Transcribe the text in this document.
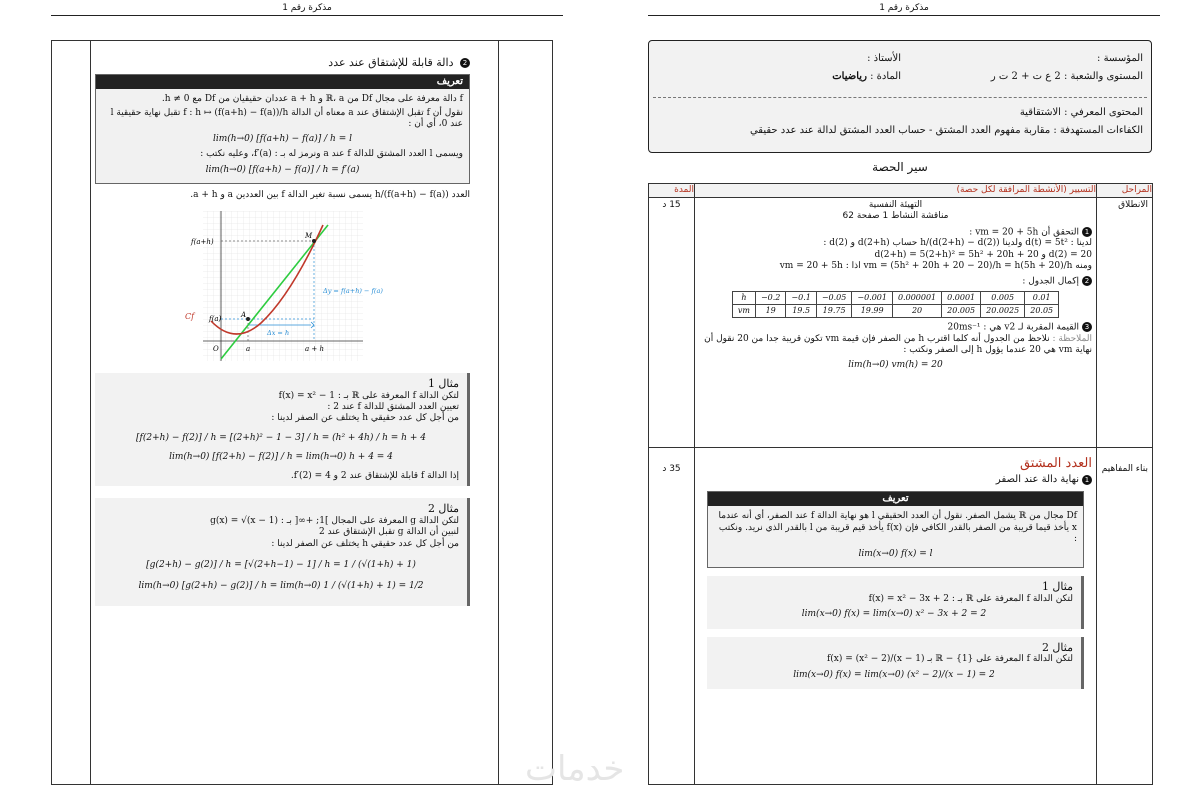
مذكرة رقم 1
2 دالة قابلة للإشتقاق عند عدد
تعريف

f دالة معرفة على مجال Df من ℝ، a و a + h عددان حقيقيان من Df مع h ≠ 0.

نقول أن f تقبل الإشتقاق عند a معناه أن الدالة f : h ↦ (f(a+h) − f(a))/h تقبل نهاية حقيقية l عند 0، أي أن :

lim(h→0) [f(a+h) − f(a)] / h = l

ويسمى l العدد المشتق للدالة f عند a ونرمز له بـ : f′(a)، وعليه نكتب :

lim(h→0) [f(a+h) − f(a)] / h = f′(a)

العدد (f(a+h) − f(a))/h يسمى نسبة تغير الدالة f بين العددين a و a + h.

f(a+h)
f(a)
Cf
M
A
O	a	a + h
Δy = f(a+h) − f(a)
Δx = h
مثال 1

لتكن الدالة f المعرفة على ℝ بـ : f(x) = x² − 1

تعيين العدد المشتق للدالة f عند 2 :

من أجل كل عدد حقيقي h يختلف عن الصفر لدينا :

[f(2+h) − f(2)] / h = [(2+h)² − 1 − 3] / h = (h² + 4h) / h = h + 4
lim(h→0) [f(2+h) − f(2)] / h = lim(h→0) h + 4 = 4

إذا الدالة f قابلة للإشتقاق عند 2 و f′(2) = 4.

مثال 2

لتكن الدالة g المعرفة على المجال ]1; +∞[ بـ : g(x) = √(x − 1)

لنبين أن الدالة g تقبل الإشتقاق عند 2

من أجل كل عدد حقيقي h يختلف عن الصفر لدينا :

[g(2+h) − g(2)] / h = [√(2+h−1) − 1] / h = 1 / (√(1+h) + 1)
lim(h→0) [g(2+h) − g(2)] / h = lim(h→0) 1 / (√(1+h) + 1) = 1/2
مذكرة رقم 1
المؤسسة :
الأستاذ :
المستوى والشعبة : 2 ع ت + 2 ت ر
المادة : رياضيات
المحتوى المعرفي : الاشتقاقية
الكفاءات المستهدفة : مقاربة مفهوم العدد المشتق - حساب العدد المشتق لدالة عند عدد حقيقي
سير الحصة
المراحل	التسيير (الأنشطة المرافقة لكل حصة)	المدة
الانطلاق	
التهيئة النفسية
مناقشة النشاط 1 صفحة 62

1التحقق أن vm = 20 + 5h :

لدينا : d(t) = 5t² ولدينا (d(2+h) − d(2))/h حساب d(2+h) و d(2) :

d(2) = 20 و d(2+h) = 5(2+h)² = 5h² + 20h + 20

ومنه vm = (5h² + 20h + 20 − 20)/h = h(5h + 20)/h اذا : vm = 20 + 5h

2إكمال الجدول :

h	−0.2	−0.1	−0.05	−0.001	0.000001	0.0001	0.005	0.01
vm	19	19.5	19.75	19.99	20	20.005	20.0025	20.05

3القيمة المقربة لـ v2 هي : 20ms⁻¹

الملاحظة : نلاحظ من الجدول أنه كلما اقترب h من الصفر فإن قيمة vm تكون قريبة جدا من 20 نقول أن نهاية vm هي 20 عندما يؤول h إلى الصفر ونكتب :

lim(h→0) vm(h) = 20
	15 د

بناء المفاهيم

العدد المشتق

1نهاية دالة عند الصفر

تعريف

Df مجال من ℝ يشمل الصفر. نقول أن العدد الحقيقي l هو نهاية الدالة f عند الصفر، أي أنه عندما x يأخذ قيما قريبة من الصفر بالقدر الكافي فإن f(x) يأخذ قيم قريبة من l بالقدر الذي نريد. ونكتب :

lim(x→0) f(x) = l
مثال 1

لتكن الدالة f المعرفة على ℝ بـ : f(x) = x² − 3x + 2

lim(x→0) f(x) = lim(x→0) x² − 3x + 2 = 2
مثال 2

لتكن الدالة f المعرفة على ℝ − {1} بـ f(x) = (x² − 2)/(x − 1)

lim(x→0) f(x) = lim(x→0) (x² − 2)/(x − 1) = 2

35 د
خدمات
